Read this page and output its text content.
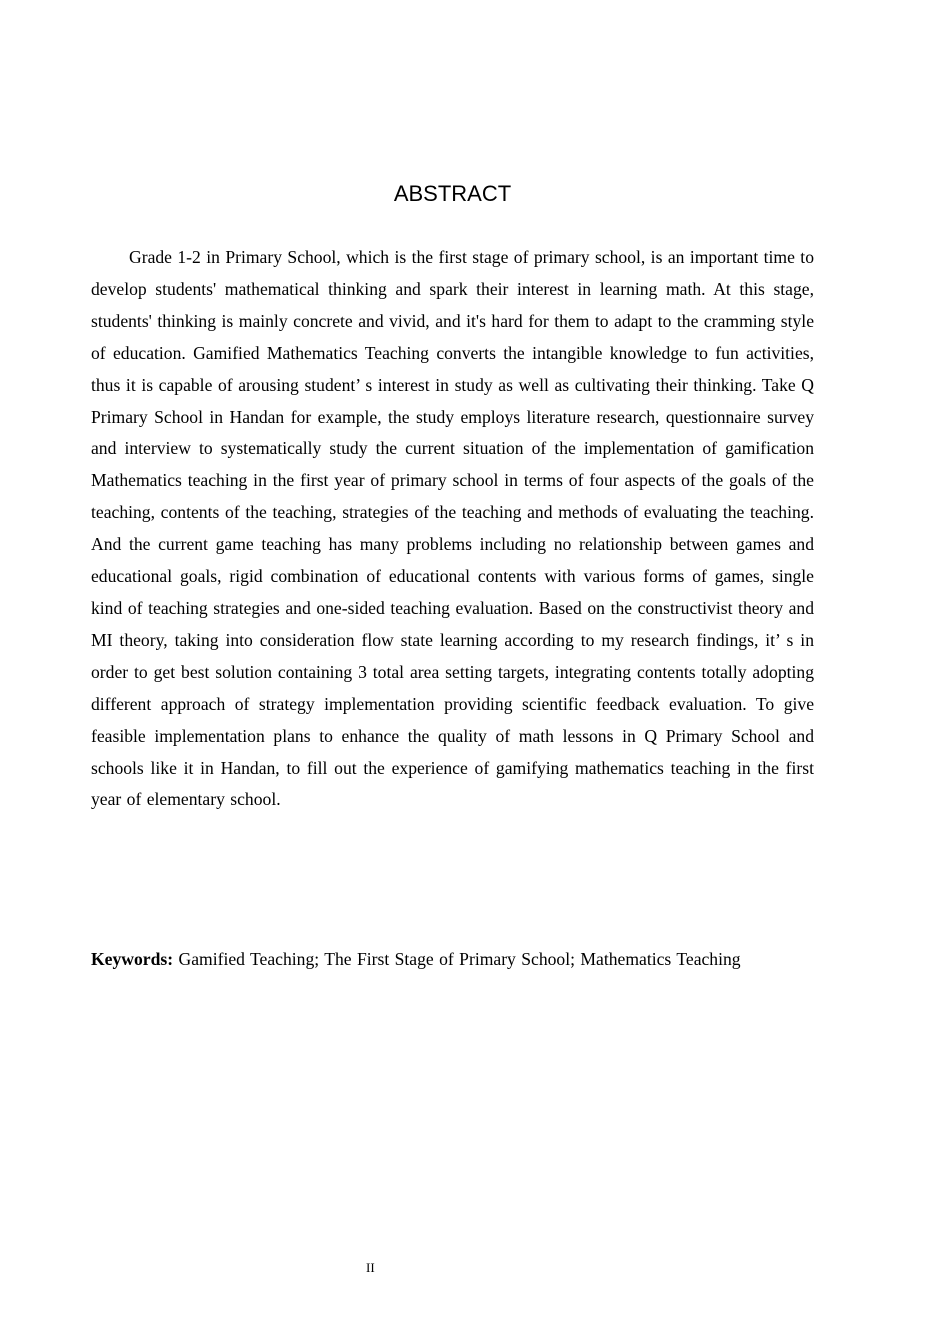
ABSTRACT

Grade 1-2 in Primary School, which is the first stage of primary school, is an important time to develop students' mathematical thinking and spark their interest in learning math. At this stage, students' thinking is mainly concrete and vivid, and it's hard for them to adapt to the cramming style of education. Gamified Mathematics Teaching converts the intangible knowledge to fun activities, thus it is capable of arousing student’ s interest in study as well as cultivating their thinking. Take Q Primary School in Handan for example, the study employs literature research, questionnaire survey and interview to systematically study the current situation of the implementation of gamification Mathematics teaching in the first year of primary school in terms of four aspects of the goals of the teaching, contents of the teaching, strategies of the teaching and methods of evaluating the teaching. And the current game teaching has many problems including no relationship between games and educational goals, rigid combination of educational contents with various forms of games, single kind of teaching strategies and one-sided teaching evaluation. Based on the constructivist theory and MI theory, taking into consideration flow state learning according to my research findings, it’ s in order to get best solution containing 3 total area setting targets, integrating contents totally adopting different approach of strategy implementation providing scientific feedback evaluation. To give feasible implementation plans to enhance the quality of math lessons in Q Primary School and schools like it in Handan, to fill out the experience of gamifying mathematics teaching in the first year of elementary school.

Keywords: Gamified Teaching; The First Stage of Primary School; Mathematics Teaching

II
